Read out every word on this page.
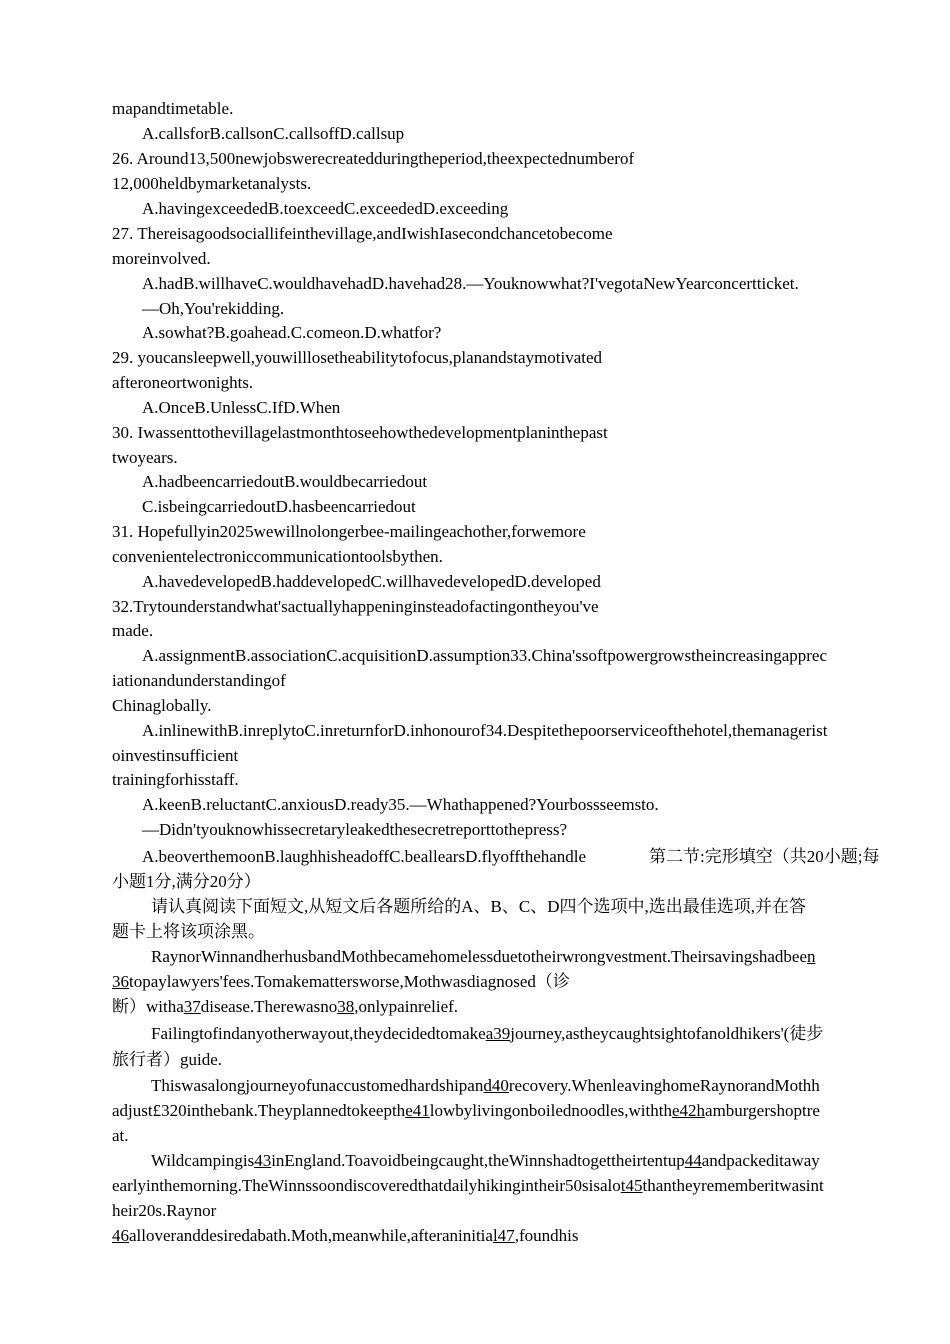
mapandtimetable.
A.callsforB.callsonC.callsoffD.callsup
26. Around13,500newjobswerecreatedduringtheperiod,theexpectednumberof
12,000heldbymarketanalysts.
A.havingexceededB.toexceedC.exceededD.exceeding
27. Thereisagoodsociallifeinthevillage,andIwishIasecondchancetobecome
moreinvolved.
A.hadB.willhaveC.wouldhavehadD.havehad28.—Youknowwhat?I'vegotaNewYearconcertticket.
—Oh,You'rekidding.
A.sowhat?B.goahead.C.comeon.D.whatfor?
29. youcansleepwell,youwilllosetheabilitytofocus,planandstaymotivated
afteroneortwonights.
A.OnceB.UnlessC.IfD.When
30. Iwassenttothevillagelastmonthtoseehowthedevelopmentplaninthepast
twoyears.
A.hadbeencarriedoutB.wouldbecarriedout
C.isbeingcarriedoutD.hasbeencarriedout
31. Hopefullyin2025wewillnolongerbee-mailingeachother,forwemore
convenientelectroniccommunicationtoolsbythen.
A.havedevelopedB.haddevelopedC.willhavedevelopedD.developed
32.Trytounderstandwhat'sactuallyhappeninginsteadofactingontheyou've
made.
A.assignmentB.associationC.acquisitionD.assumption33.China'ssoftpowergrowstheincreasingapprec
iationandunderstandingof
Chinaglobally.
A.inlinewithB.inreplytoC.inreturnforD.inhonourof34.Despitethepoorserviceofthehotel,themanagerist
oinvestinsufficient
trainingforhisstaff.
A.keenB.reluctantC.anxiousD.ready35.—Whathappened?Yourbossseemsto.
—Didn'tyouknowhissecretaryleakedthesecretreporttothepress?
A.beoverthemoonB.laughhisheadoffC.beallearsD.flyoffthehandle	第二节:完形填空（共20小题;每
小题1分,满分20分）
请认真阅读下面短文,从短文后各题所给的A、B、C、D四个选项中,选出最佳选项,并在答
题卡上将该项涂黑。
RaynorWinnandherhusbandMothbecamehomelessduetotheirwrongvestment.Theirsavingshadbeen
36topaylawyers'fees.Tomakemattersworse,Mothwasdiagnosed（诊
断）witha37disease.Therewasno38,onlypainrelief.
Failingtofindanyotherwayout,theydecidedtomakea39journey,astheycaughtsightofanoldhikers'(徒步
旅行者）guide.
Thiswasalongjourneyofunaccustomedhardshipand40recovery.WhenleavinghomeRaynorandMothh
adjust£320inthebank.Theyplannedtokeepthe41lowbylivingonboilednoodles,withthe42hamburgershoptre
at.
Wildcampingis43inEngland.Toavoidbeingcaught,theWinnshadtogettheirtentup44andpackeditaway
earlyinthemorning.TheWinnssoondiscoveredthatdailyhikingintheir50sisalot45thantheyrememberitwasint
heir20s.Raynor
46alloveranddesiredabath.Moth,meanwhile,afteraninitial47,foundhis
